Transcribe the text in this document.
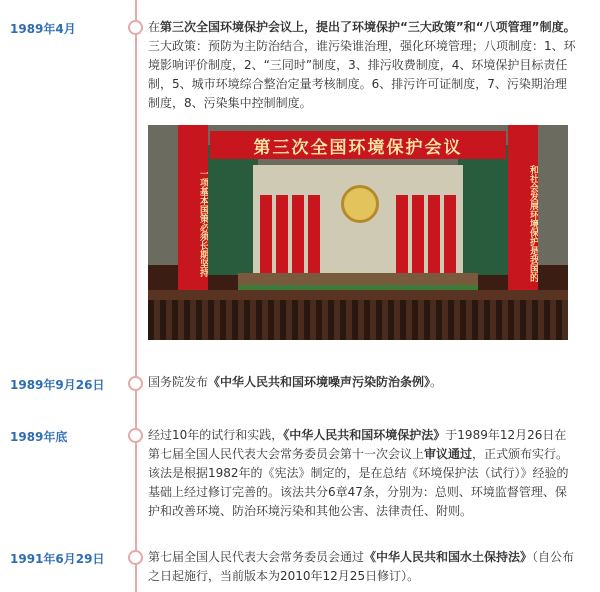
1989年4月	在第三次全国环境保护会议上，提出了环境保护“三大政策”和“八项管理”制度。三大政策：预防为主防治结合，谁污染谁治理，强化环境管理；八项制度：1、环境影响评价制度，2、“三同时”制度，3、排污收费制度，4、环境保护目标责任制，5、城市环境综合整治定量考核制度。6、排污许可证制度，7、污染期治理制度，8、污染集中控制制度。
第三次全国环境保护会议
一项基本国策必须长期坚持	和社会发展环境保护是我国的
1989年9月26日	国务院发布《中华人民共和国环境噪声污染防治条例》。
1989年底	经过10年的试行和实践，《中华人民共和国环境保护法》于1989年12月26日在第七届全国人民代表大会常务委员会第十一次会议上审议通过，正式颁布实行。该法是根据1982年的《宪法》制定的，是在总结《环境保护法（试行）》经验的基础上经过修订完善的。该法共分6章47条，分别为：总则、环境监督管理、保护和改善环境、防治环境污染和其他公害、法律责任、附则。
1991年6月29日	第七届全国人民代表大会常务委员会通过《中华人民共和国水土保持法》（自公布之日起施行，当前版本为2010年12月25日修订）。
